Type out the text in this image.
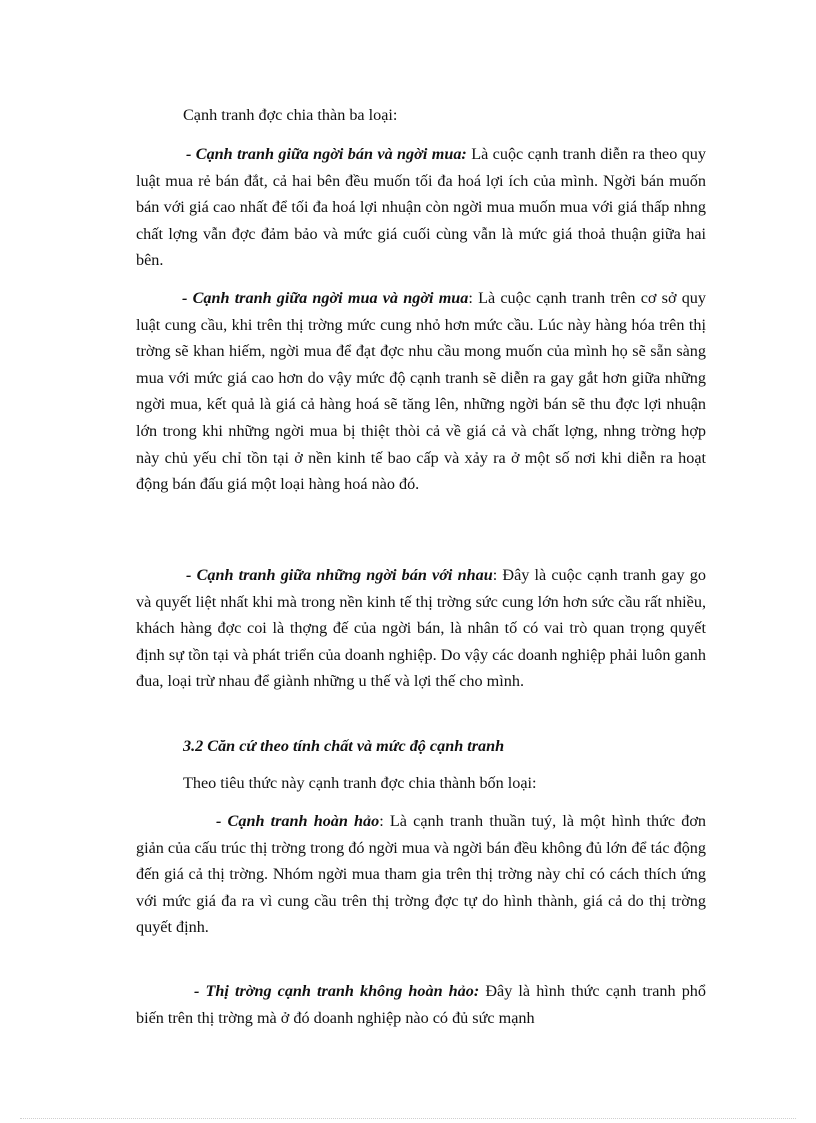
Cạnh tranh đợc chia thàn ba loại:

- Cạnh tranh giữa ngời bán và ngời mua: Là cuộc cạnh tranh diễn ra theo quy luật mua rẻ bán đắt, cả hai bên đều muốn tối đa hoá lợi ích của mình. Ngời bán muốn bán với giá cao nhất để tối đa hoá lợi nhuận còn ngời mua muốn mua với giá thấp nhng chất lợng vẫn đợc đảm bảo và mức giá cuối cùng vẫn là mức giá thoả thuận giữa hai bên.

- Cạnh tranh giữa ngời mua và ngời mua: Là cuộc cạnh tranh trên cơ sở quy luật cung cầu, khi trên thị trờng mức cung nhỏ hơn mức cầu. Lúc này hàng hóa trên thị trờng sẽ khan hiếm, ngời mua để đạt đợc nhu cầu mong muốn của mình họ sẽ sẵn sàng mua với mức giá cao hơn do vậy mức độ cạnh tranh sẽ diễn ra gay gắt hơn giữa những ngời mua, kết quả là giá cả hàng hoá sẽ tăng lên, những ngời bán sẽ thu đợc lợi nhuận lớn trong khi những ngời mua bị thiệt thòi cả về giá cả và chất lợng, nhng trờng hợp này chủ yếu chỉ tồn tại ở nền kinh tế bao cấp và xảy ra ở một số nơi khi diễn ra hoạt động bán đấu giá một loại hàng hoá nào đó.

- Cạnh tranh giữa những ngời bán với nhau: Đây là cuộc cạnh tranh gay go và quyết liệt nhất khi mà trong nền kinh tế thị trờng sức cung lớn hơn sức cầu rất nhiều, khách hàng đợc coi là thợng đế của ngời bán, là nhân tố có vai trò quan trọng quyết định sự tồn tại và phát triển của doanh nghiệp. Do vậy các doanh nghiệp phải luôn ganh đua, loại trừ nhau để giành những u thế và lợi thế cho mình.

3.2 Căn cứ theo tính chất và mức độ cạnh tranh

Theo tiêu thức này cạnh tranh đợc chia thành bốn loại:

- Cạnh tranh hoàn hảo: Là cạnh tranh thuần tuý, là một hình thức đơn giản của cấu trúc thị trờng trong đó ngời mua và ngời bán đều không đủ lớn để tác động đến giá cả thị trờng. Nhóm ngời mua tham gia trên thị trờng này chỉ có cách thích ứng với mức giá đa ra vì cung cầu trên thị trờng đợc tự do hình thành, giá cả do thị trờng quyết định.

- Thị trờng cạnh tranh không hoàn hảo: Đây là hình thức cạnh tranh phổ biến trên thị trờng mà ở đó doanh nghiệp nào có đủ sức mạnh
